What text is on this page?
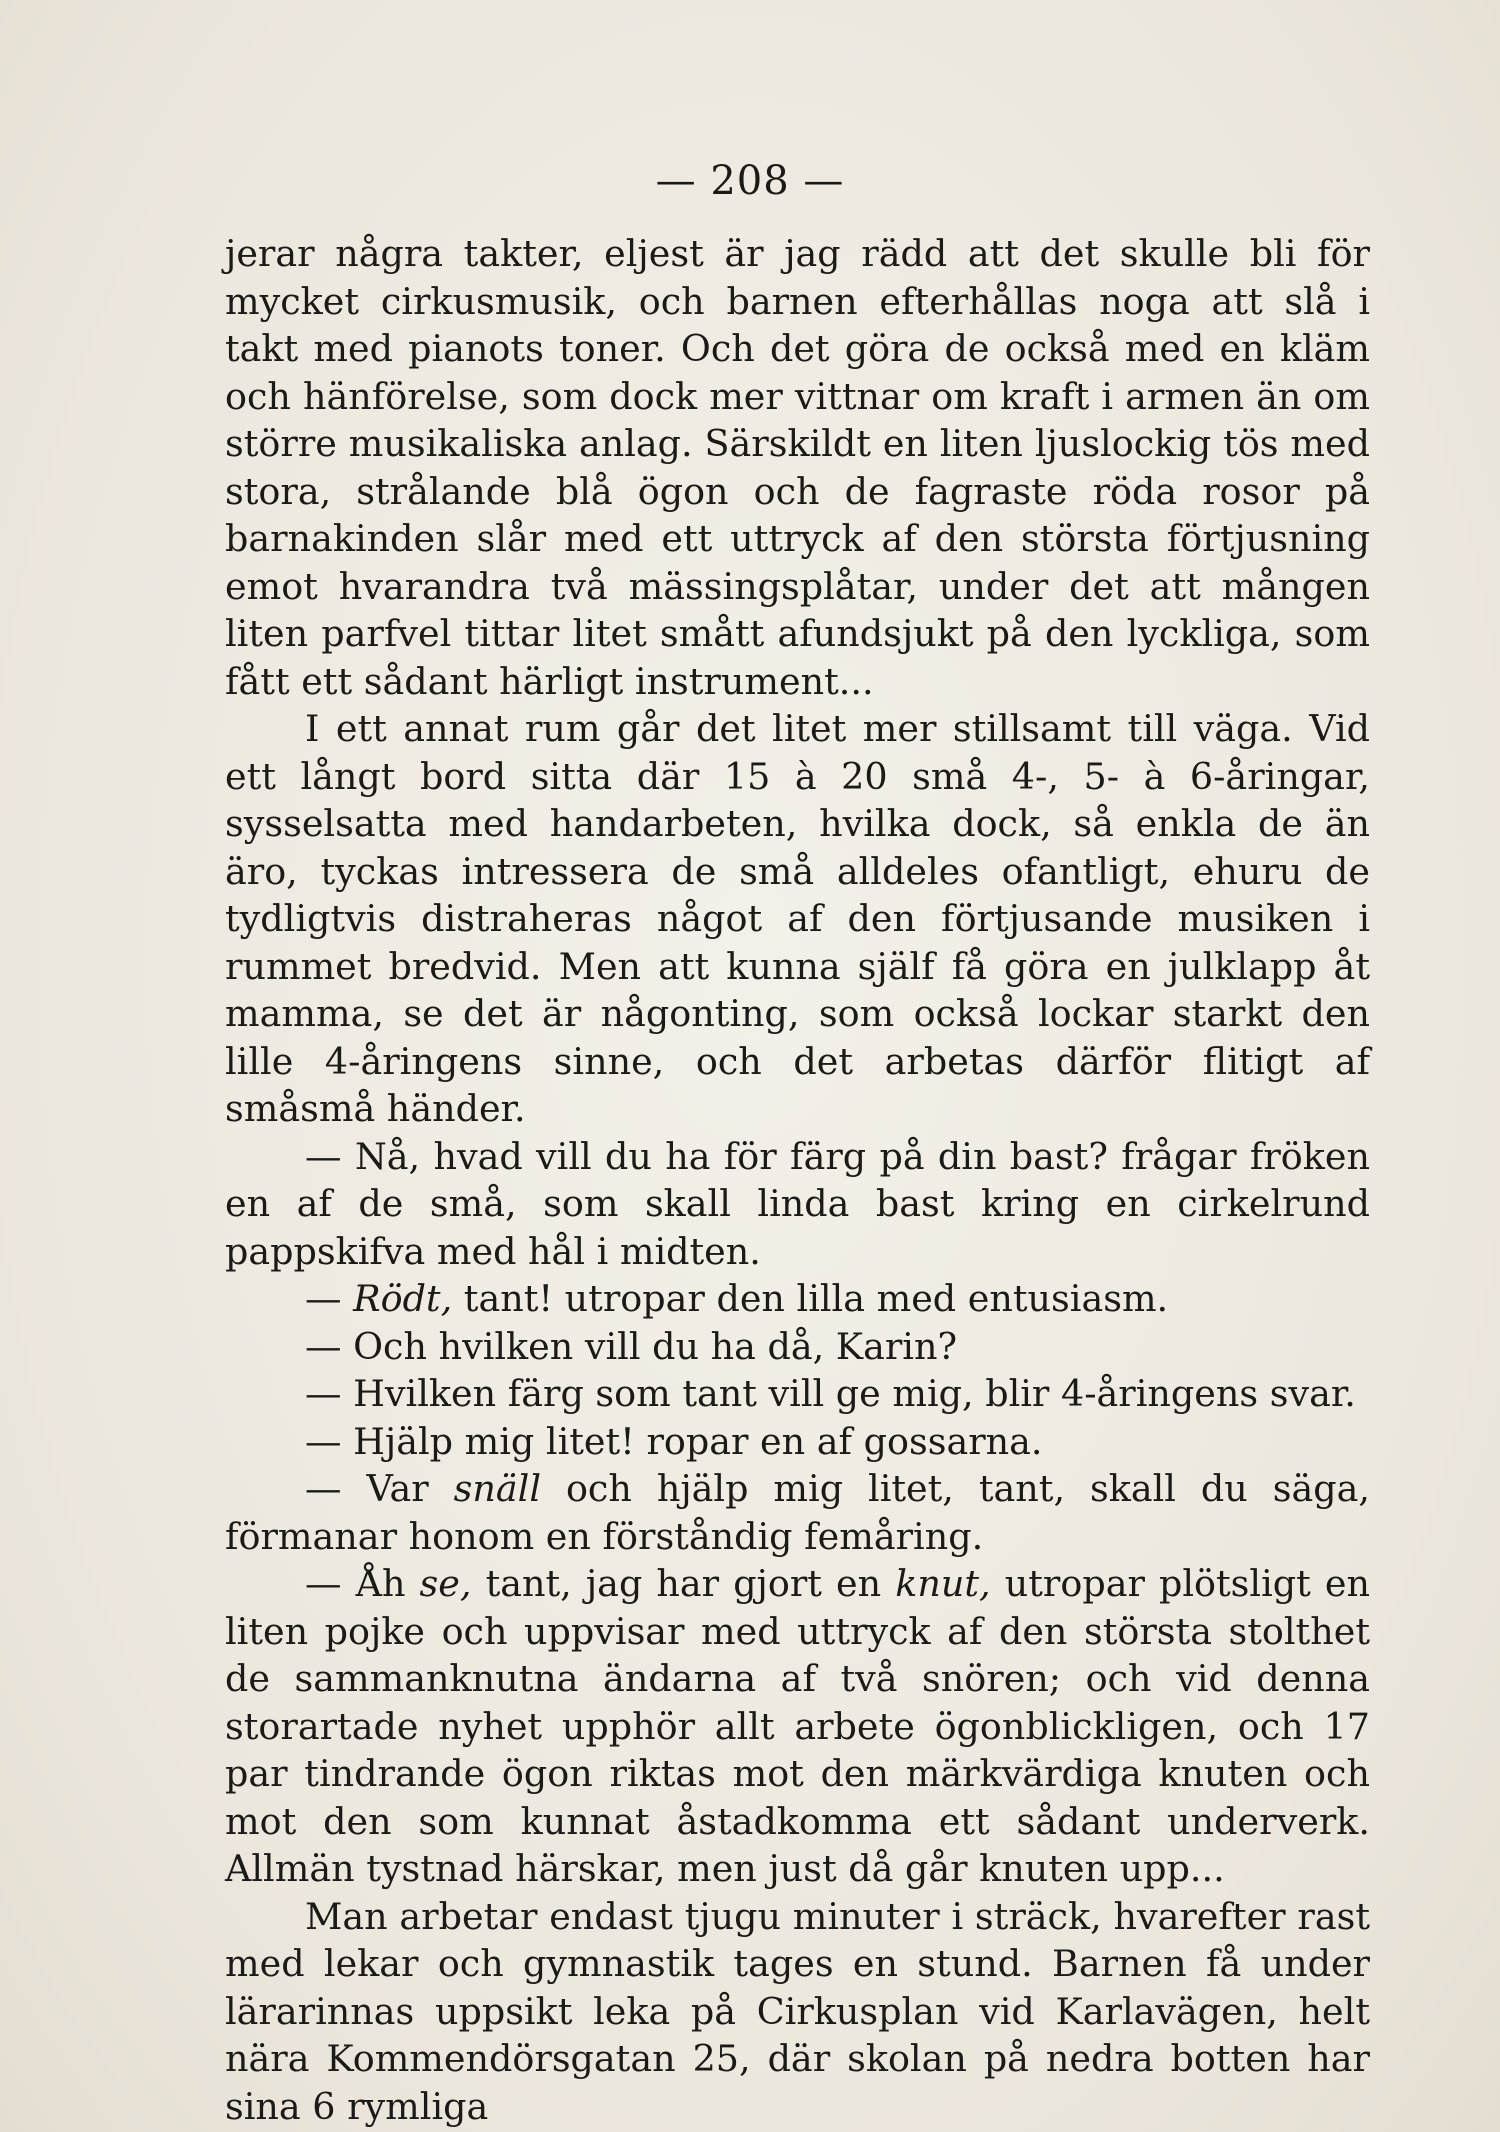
— 208 —

jerar några takter, eljest är jag rädd att det skulle bli för mycket cirkusmusik, och barnen efterhållas noga att slå i takt med pianots toner. Och det göra de också med en kläm och hänförelse, som dock mer vittnar om kraft i armen än om större musikaliska anlag. Särskildt en liten ljuslockig tös med stora, strålande blå ögon och de fagraste röda rosor på barnakinden slår med ett uttryck af den största förtjusning emot hvarandra två mässingsplåtar, under det att mången liten parfvel tittar litet smått afundsjukt på den lyckliga, som fått ett sådant härligt instrument...

I ett annat rum går det litet mer stillsamt till väga. Vid ett långt bord sitta där 15 à 20 små 4-, 5- à 6-åringar, sysselsatta med handarbeten, hvilka dock, så enkla de än äro, tyckas intressera de små alldeles ofantligt, ehuru de tydligtvis distraheras något af den förtjusande musiken i rummet bredvid. Men att kunna själf få göra en julklapp åt mamma, se det är någonting, som också lockar starkt den lille 4-åringens sinne, och det arbetas därför flitigt af småsmå händer.

— Nå, hvad vill du ha för färg på din bast? frågar fröken en af de små, som skall linda bast kring en cirkelrund pappskifva med hål i midten.

— Rödt, tant! utropar den lilla med entusiasm.

— Och hvilken vill du ha då, Karin?

— Hvilken färg som tant vill ge mig, blir 4-åringens svar.

— Hjälp mig litet! ropar en af gossarna.

— Var snäll och hjälp mig litet, tant, skall du säga, förmanar honom en förståndig femåring.

— Åh se, tant, jag har gjort en knut, utropar plötsligt en liten pojke och uppvisar med uttryck af den största stolthet de sammanknutna ändarna af två snören; och vid denna storartade nyhet upphör allt arbete ögonblickligen, och 17 par tindrande ögon riktas mot den märkvärdiga knuten och mot den som kunnat åstadkomma ett sådant underverk. Allmän tystnad härskar, men just då går knuten upp...

Man arbetar endast tjugu minuter i sträck, hvarefter rast med lekar och gymnastik tages en stund. Barnen få under lärarinnas uppsikt leka på Cirkusplan vid Karlavägen, helt nära Kommendörsgatan 25, där skolan på nedra botten har sina 6 rymliga
